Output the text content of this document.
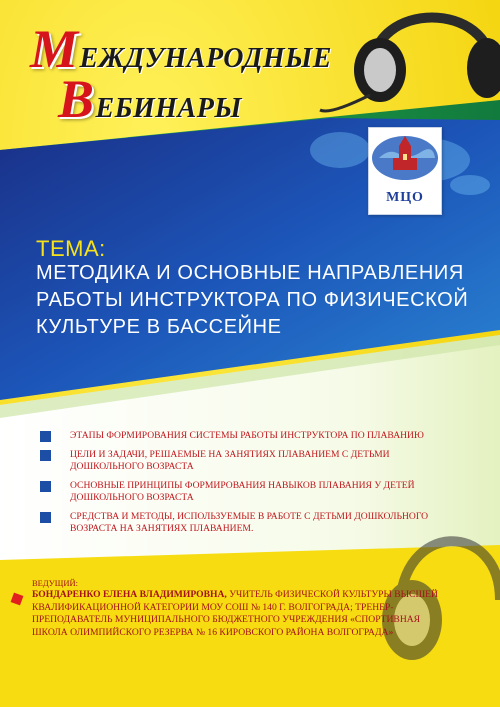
МЕЖДУНАРОДНЫЕ
ВЕБИНАРЫ
МЦО
ТЕМА:
МЕТОДИКА И ОСНОВНЫЕ НАПРАВЛЕНИЯ
РАБОТЫ ИНСТРУКТОРА ПО ФИЗИЧЕСКОЙ
КУЛЬТУРЕ В БАССЕЙНЕ
ЭТАПЫ ФОРМИРОВАНИЯ СИСТЕМЫ РАБОТЫ ИНСТРУКТОРА ПО ПЛАВАНИЮ
ЦЕЛИ И ЗАДАЧИ, РЕШАЕМЫЕ НА ЗАНЯТИЯХ ПЛАВАНИЕМ С ДЕТЬМИ
ДОШКОЛЬНОГО ВОЗРАСТА
ОСНОВНЫЕ ПРИНЦИПЫ ФОРМИРОВАНИЯ НАВЫКОВ ПЛАВАНИЯ У ДЕТЕЙ
ДОШКОЛЬНОГО ВОЗРАСТА
СРЕДСТВА И МЕТОДЫ, ИСПОЛЬЗУЕМЫЕ В РАБОТЕ С ДЕТЬМИ ДОШКОЛЬНОГО
ВОЗРАСТА НА ЗАНЯТИЯХ ПЛАВАНИЕМ.
ВЕДУЩИЙ:
БОНДАРЕНКО ЕЛЕНА ВЛАДИМИРОВНА, УЧИТЕЛЬ ФИЗИЧЕСКОЙ КУЛЬТУРЫ ВЫСШЕЙ
КВАЛИФИКАЦИОННОЙ КАТЕГОРИИ МОУ СОШ № 140 Г. ВОЛГОГРАДА; ТРЕНЕР-
ПРЕПОДАВАТЕЛЬ МУНИЦИПАЛЬНОГО БЮДЖЕТНОГО УЧРЕЖДЕНИЯ «СПОРТИВНАЯ
ШКОЛА ОЛИМПИЙСКОГО РЕЗЕРВА № 16 КИРОВСКОГО РАЙОНА ВОЛГОГРАДА»
